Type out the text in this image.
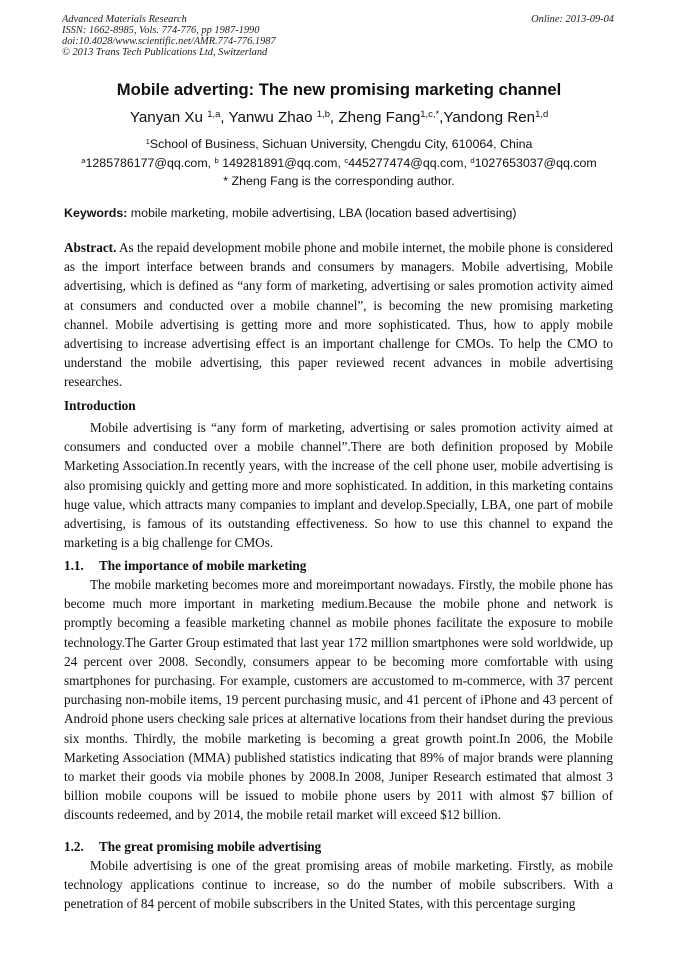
Advanced Materials Research
ISSN: 1662-8985, Vols. 774-776, pp 1987-1990
doi:10.4028/www.scientific.net/AMR.774-776.1987
© 2013 Trans Tech Publications Ltd, Switzerland
Online: 2013-09-04
Mobile adverting: The new promising marketing channel
Yanyan Xu $^{1,a}$, Yanwu Zhao $^{1,b}$, Zheng Fang$^{1,c,*}$,Yandong Ren$^{1,d}$
$^1$School of Business, Sichuan University, Chengdu City, 610064, China
$^a$1285786177@qq.com, $^b$ 149281891@qq.com, $^c$445277474@qq.com, $^d$1027653037@qq.com
* Zheng Fang is the corresponding author.
Keywords: mobile marketing, mobile advertising, LBA (location based advertising)
Abstract. As the repaid development mobile phone and mobile internet, the mobile phone is considered as the import interface between brands and consumers by managers. Mobile advertising, Mobile advertising, which is defined as “any form of marketing, advertising or sales promotion activity aimed at consumers and conducted over a mobile channel”, is becoming the new promising marketing channel. Mobile advertising is getting more and more sophisticated. Thus, how to apply mobile advertising to increase advertising effect is an important challenge for CMOs. To help the CMO to understand the mobile advertising, this paper reviewed recent advances in mobile advertising researches.
Introduction
Mobile advertising is “any form of marketing, advertising or sales promotion activity aimed at consumers and conducted over a mobile channel”.There are both definition proposed by Mobile Marketing Association.In recently years, with the increase of the cell phone user, mobile advertising is also promising quickly and getting more and more sophisticated. In addition, in this marketing contains huge value, which attracts many companies to implant and develop.Specially, LBA, one part of mobile advertising, is famous of its outstanding effectiveness. So how to use this channel to expand the marketing is a big challenge for CMOs.
1.1. The importance of mobile marketing
The mobile marketing becomes more and moreimportant nowadays. Firstly, the mobile phone has become much more important in marketing medium.Because the mobile phone and network is promptly becoming a feasible marketing channel as mobile phones facilitate the exposure to mobile technology.The Garter Group estimated that last year 172 million smartphones were sold worldwide, up 24 percent over 2008. Secondly, consumers appear to be becoming more comfortable with using smartphones for purchasing. For example, customers are accustomed to m-commerce, with 37 percent purchasing non-mobile items, 19 percent purchasing music, and 41 percent of iPhone and 43 percent of Android phone users checking sale prices at alternative locations from their handset during the previous six months. Thirdly, the mobile marketing is becoming a great growth point.In 2006, the Mobile Marketing Association (MMA) published statistics indicating that 89% of major brands were planning to market their goods via mobile phones by 2008.In 2008, Juniper Research estimated that almost 3 billion mobile coupons will be issued to mobile phone users by 2011 with almost $7 billion of discounts redeemed, and by 2014, the mobile retail market will exceed $12 billion.
1.2. The great promising mobile advertising
Mobile advertising is one of the great promising areas of mobile marketing. Firstly, as mobile technology applications continue to increase, so do the number of mobile subscribers. With a penetration of 84 percent of mobile subscribers in the United States, with this percentage surging
